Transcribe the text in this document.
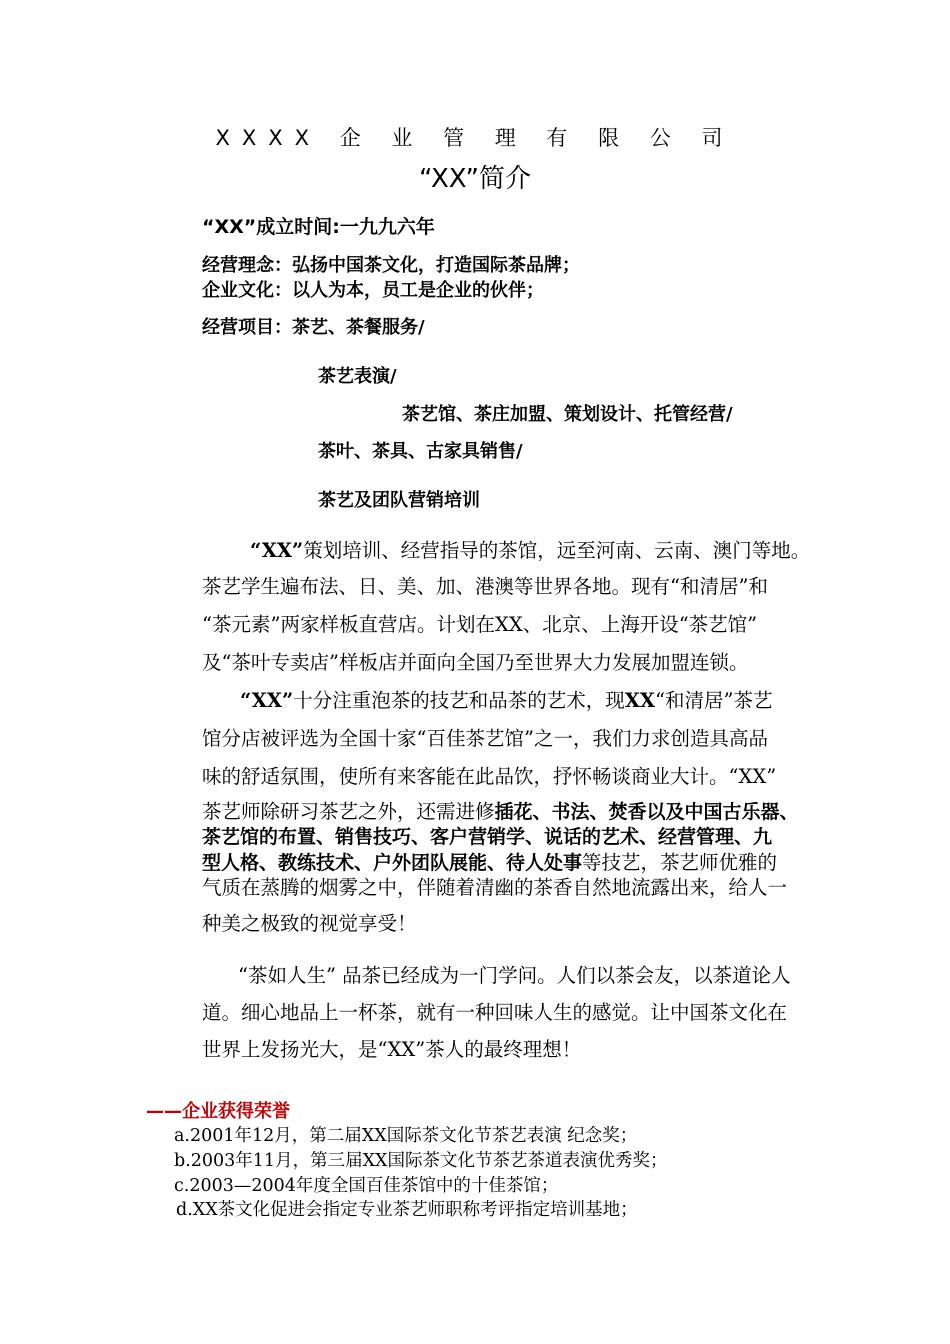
XXXX 企 业 管 理 有 限 公 司
“XX”简介
“XX”成立时间:一九九六年
经营理念：弘扬中国茶文化，打造国际茶品牌；
企业文化：以人为本，员工是企业的伙伴；
经营项目：茶艺、茶餐服务/
茶艺表演/
茶艺馆、茶庄加盟、策划设计、托管经营/
茶叶、茶具、古家具销售/
茶艺及团队营销培训
“XX”策划培训、经营指导的茶馆，远至河南、云南、澳门等地。
茶艺学生遍布法、日、美、加、港澳等世界各地。现有“和清居”和
“茶元素”两家样板直营店。计划在XX、北京、上海开设“茶艺馆”
及“茶叶专卖店”样板店并面向全国乃至世界大力发展加盟连锁。
“XX”十分注重泡茶的技艺和品茶的艺术，现XX“和清居”茶艺
馆分店被评选为全国十家“百佳茶艺馆”之一，我们力求创造具高品
味的舒适氛围，使所有来客能在此品饮，抒怀畅谈商业大计。“XX”
茶艺师除研习茶艺之外，还需进修插花、书法、焚香以及中国古乐器、
茶艺馆的布置、销售技巧、客户营销学、说话的艺术、经营管理、九
型人格、教练技术、户外团队展能、待人处事等技艺，茶艺师优雅的
气质在蒸腾的烟雾之中，伴随着清幽的茶香自然地流露出来，给人一
种美之极致的视觉享受！
“茶如人生” 品茶已经成为一门学问。人们以茶会友，以茶道论人
道。细心地品上一杯茶，就有一种回味人生的感觉。让中国茶文化在
世界上发扬光大，是“XX”茶人的最终理想！
——企业获得荣誉
a.2001年12月，第二届XX国际茶文化节茶艺表演 纪念奖；
b.2003年11月，第三届XX国际茶文化节茶艺茶道表演优秀奖；
c.2003—2004年度全国百佳茶馆中的十佳茶馆；
d.XX茶文化促进会指定专业茶艺师职称考评指定培训基地；
